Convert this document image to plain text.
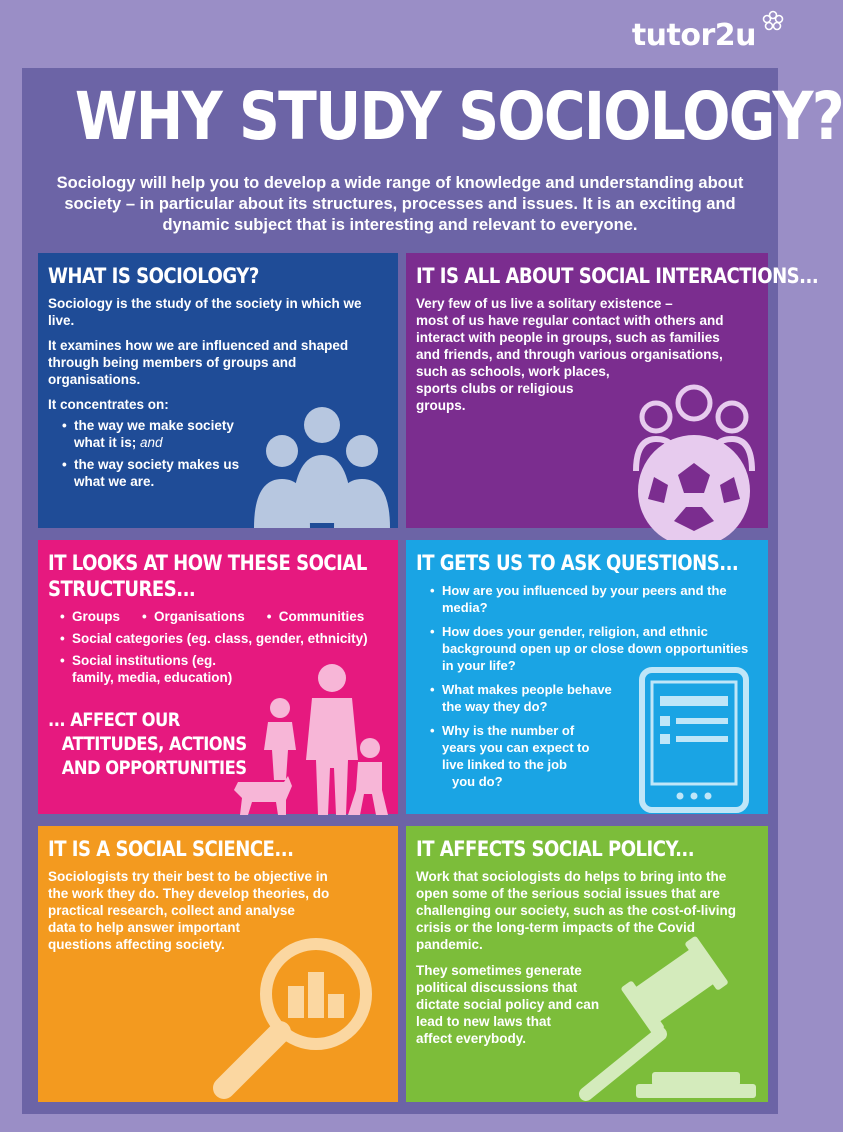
tutor2u
WHY STUDY SOCIOLOGY?
Sociology will help you to develop a wide range of knowledge and understanding about society – in particular about its structures, processes and issues. It is an exciting and dynamic subject that is interesting and relevant to everyone.
WHAT IS SOCIOLOGY?

Sociology is the study of the society in which we live.

It examines how we are influenced and shaped through being members of groups and organisations.

It concentrates on:

• the way we make society what it is; and
• the way society makes us what we are.
IT IS ALL ABOUT SOCIAL INTERACTIONS...

Very few of us live a solitary existence –

most of us have regular contact with others and

interact with people in groups, such as families

and friends, and through various organisations,

such as schools, work places,

sports clubs or religious

groups.

IT LOOKS AT HOW THESE SOCIAL
STRUCTURES...
• Groups	• Organisations	• Communities
• Social categories (eg. class, gender, ethnicity)
• Social institutions (eg. family, media, education)
... AFFECT OUR
ATTITUDES, ACTIONS
AND OPPORTUNITIES
IT GETS US TO ASK QUESTIONS...
• How are you influenced by your peers and the media?
• How does your gender, religion, and ethnic background open up or close down opportunities in your life?
• What makes people behave
the way they do?
• Why is the number of
years you can expect to
live linked to the job
you do?
IT IS A SOCIAL SCIENCE...

Sociologists try their best to be objective in

the work they do. They develop theories, do

practical research, collect and analyse

data to help answer important

questions affecting society.

IT AFFECTS SOCIAL POLICY...

Work that sociologists do helps to bring into the open some of the serious social issues that are challenging our society, such as the cost-of-living crisis or the long-term impacts of the Covid pandemic.

They sometimes generate
political discussions that
dictate social policy and can
lead to new laws that
affect everybody.
